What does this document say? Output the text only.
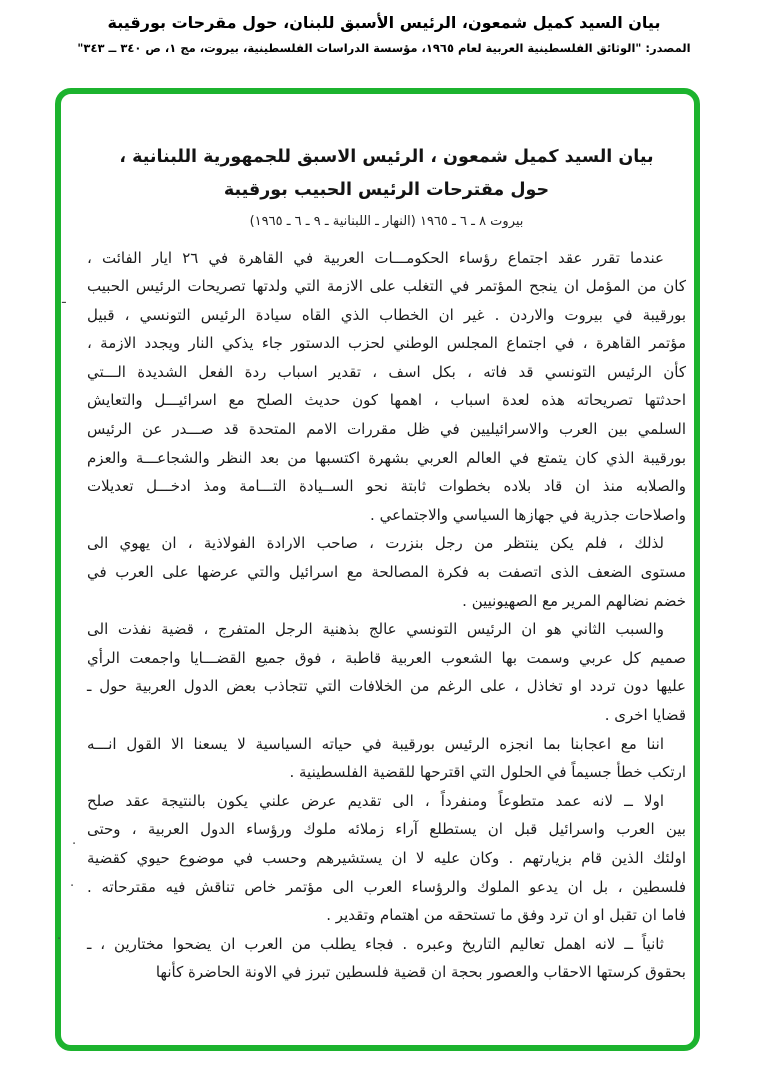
بيان السيد كميل شمعون، الرئيس الأسبق للبنان، حول مقرحات بورقيبة
المصدر: "الوثائق الفلسطينية العربية لعام ١٩٦٥، مؤسسة الدراسات الفلسطينية، بيروت، مج ١، ص ٣٤٠ ــ ٣٤٣"
بيان السيد كميل شمعون ، الرئيس الاسبق للجمهورية اللبنانية ،
حول مقترحات الرئيس الحبيب بورقيبة
بيروت ٨ ـ ٦ ـ ١٩٦٥ (النهار ـ اللبنانية ـ ٩ ـ ٦ ـ ١٩٦٥)
عندما تقرر عقد اجتماع رؤساء الحكومـــات العربية في القاهرة في ٢٦ ايار الفائت ،
كان من المؤمل ان ينجح المؤتمر في التغلب على الازمة التي ولدتها تصريحات الرئيس الحبيب
بورقيبة في بيروت والاردن . غير ان الخطاب الذي القاه سيادة الرئيس التونسي ، قبيل
مؤتمر القاهرة ، في اجتماع المجلس الوطني لحزب الدستور جاء يذكي النار ويجدد الازمة ،
كأن الرئيس التونسي قد فاته ، بكل اسف ، تقدير اسباب ردة الفعل الشديدة الـــتي
احدثتها تصريحاته هذه لعدة اسباب ، اهمها كون حديث الصلح مع اسرائيـــل والتعايش
السلمي بين العرب والاسرائيليين في ظل مقررات الامم المتحدة قد صـــدر عن الرئيس
بورقيبة الذي كان يتمتع في العالم العربي بشهرة اكتسبها من بعد النظر والشجاعـــة والعزم
والصلابه منذ ان قاد بلاده بخطوات ثابتة نحو الســيادة التـــامة ومذ ادخـــل تعديلات
واصلاحات جذرية في جهازها السياسي والاجتماعي .
لذلك ، فلم يكن ينتظر من رجل بنزرت ، صاحب الارادة الفولاذية ، ان يهوي الى
مستوى الضعف الذى اتصفت به فكرة المصالحة مع اسرائيل والتي عرضها على العرب في
خضم نضالهم المرير مع الصهيونيين .
والسبب الثاني هو ان الرئيس التونسي عالج بذهنية الرجل المتفرج ، قضية نفذت الى
صميم كل عربي وسمت بها الشعوب العربية قاطبة ، فوق جميع القضـــايا واجمعت الرأي
عليها دون تردد او تخاذل ، على الرغم من الخلافات التي تتجاذب بعض الدول العربية حول ـ
قضايا اخرى .
اننا مع اعجابنا بما انجزه الرئيس بورقيبة في حياته السياسية لا يسعنا الا القول انـــه
ارتكب خطأ جسيماً في الحلول التي اقترحها للقضية الفلسطينية .
اولا ــ لانه عمد متطوعاً ومنفرداً ، الى تقديم عرض علني يكون بالنتيجة عقد صلح
بين العرب واسرائيل قبل ان يستطلع آراء زملائه ملوك ورؤساء الدول العربية ، وحتى
اولئك الذين قام بزيارتهم . وكان عليه لا ان يستشيرهم وحسب في موضوع حيوي كقضية
فلسطين ، بل ان يدعو الملوك والرؤساء العرب الى مؤتمر خاص تناقش فيه مقترحاته .
فاما ان تقبل او ان ترد وفق ما تستحقه من اهتمام وتقدير .
ثانياً ــ لانه اهمل تعاليم التاريخ وعبره . فجاء يطلب من العرب ان يضحوا مختارين ، ـ
بحقوق كرستها الاحقاب والعصور بحجة ان قضية فلسطين تبرز في الاونة الحاضرة كأنها
ـ
·
·
·
